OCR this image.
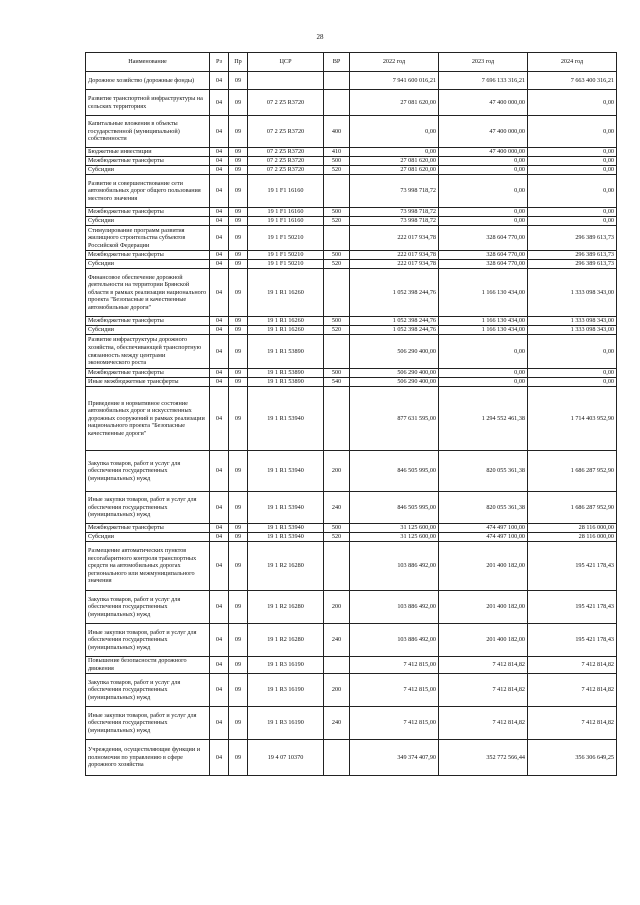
28
Наименование	Рз	Пр	ЦСР	ВР	2022 год	2023 год	2024 год
Дорожное хозяйство (дорожные фонды)	04	09			7 941 600 016,21	7 696 133 316,21	7 663 400 316,21
Развитие транспортной инфраструктуры на сельских территориях	04	09	07 2 Z5 R3720		27 081 620,00	47 400 000,00	0,00
Капитальные вложения в объекты государственной (муниципальной) собственности	04	09	07 2 Z5 R3720	400	0,00	47 400 000,00	0,00
Бюджетные инвестиции	04	09	07 2 Z5 R3720	410	0,00	47 400 000,00	0,00
Межбюджетные трансферты	04	09	07 2 Z5 R3720	500	27 081 620,00	0,00	0,00
Субсидии	04	09	07 2 Z5 R3720	520	27 081 620,00	0,00	0,00
Развитие и совершенствование сети автомобильных дорог общего пользования местного значения	04	09	19 1 F1 16160		73 998 718,72	0,00	0,00
Межбюджетные трансферты	04	09	19 1 F1 16160	500	73 998 718,72	0,00	0,00
Субсидии	04	09	19 1 F1 16160	520	73 998 718,72	0,00	0,00
Стимулирование программ развития жилищного строительства субъектов Российской Федерации	04	09	19 1 F1 50210		222 017 934,78	328 604 770,00	296 389 613,73
Межбюджетные трансферты	04	09	19 1 F1 50210	500	222 017 934,78	328 604 770,00	296 389 613,73
Субсидии	04	09	19 1 F1 50210	520	222 017 934,78	328 604 770,00	296 389 613,73
Финансовое обеспечение дорожной деятельности на территории Брянской области в рамках реализации национального проекта "Безопасные и качественные автомобильные дороги"	04	09	19 1 R1 16260		1 052 398 244,76	1 166 130 434,00	1 333 098 343,00
Межбюджетные трансферты	04	09	19 1 R1 16260	500	1 052 398 244,76	1 166 130 434,00	1 333 098 343,00
Субсидии	04	09	19 1 R1 16260	520	1 052 398 244,76	1 166 130 434,00	1 333 098 343,00
Развитие инфраструктуры дорожного хозяйства, обеспечивающей транспортную связанность между центрами экономического роста	04	09	19 1 R1 53890		506 290 400,00	0,00	0,00
Межбюджетные трансферты	04	09	19 1 R1 53890	500	506 290 400,00	0,00	0,00
Иные межбюджетные трансферты	04	09	19 1 R1 53890	540	506 290 400,00	0,00	0,00
Приведение в нормативное состояние автомобильных дорог и искусственных дорожных сооружений в рамках реализации национального проекта "Безопасные качественные дороги"	04	09	19 1 R1 53940		877 631 595,00	1 294 552 461,38	1 714 403 952,90
Закупка товаров, работ и услуг для обеспечения государственных (муниципальных) нужд	04	09	19 1 R1 53940	200	846 505 995,00	820 055 361,38	1 686 287 952,90
Иные закупки товаров, работ и услуг для обеспечения государственных (муниципальных) нужд	04	09	19 1 R1 53940	240	846 505 995,00	820 055 361,38	1 686 287 952,90
Межбюджетные трансферты	04	09	19 1 R1 53940	500	31 125 600,00	474 497 100,00	28 116 000,00
Субсидии	04	09	19 1 R1 53940	520	31 125 600,00	474 497 100,00	28 116 000,00
Размещение автоматических пунктов весогабаритного контроля транспортных средств на автомобильных дорогах регионального или межмуниципального значения	04	09	19 1 R2 16280		103 886 492,00	201 400 182,00	195 421 178,43
Закупка товаров, работ и услуг для обеспечения государственных (муниципальных) нужд	04	09	19 1 R2 16280	200	103 886 492,00	201 400 182,00	195 421 178,43
Иные закупки товаров, работ и услуг для обеспечения государственных (муниципальных) нужд	04	09	19 1 R2 16280	240	103 886 492,00	201 400 182,00	195 421 178,43
Повышение безопасности дорожного движения	04	09	19 1 R3 16190		7 412 815,00	7 412 814,82	7 412 814,82
Закупка товаров, работ и услуг для обеспечения государственных (муниципальных) нужд	04	09	19 1 R3 16190	200	7 412 815,00	7 412 814,82	7 412 814,82
Иные закупки товаров, работ и услуг для обеспечения государственных (муниципальных) нужд	04	09	19 1 R3 16190	240	7 412 815,00	7 412 814,82	7 412 814,82
Учреждения, осуществляющие функции и полномочия по управлению в сфере дорожного хозяйства	04	09	19 4 07 10370		349 374 407,90	352 772 566,44	356 306 649,25
